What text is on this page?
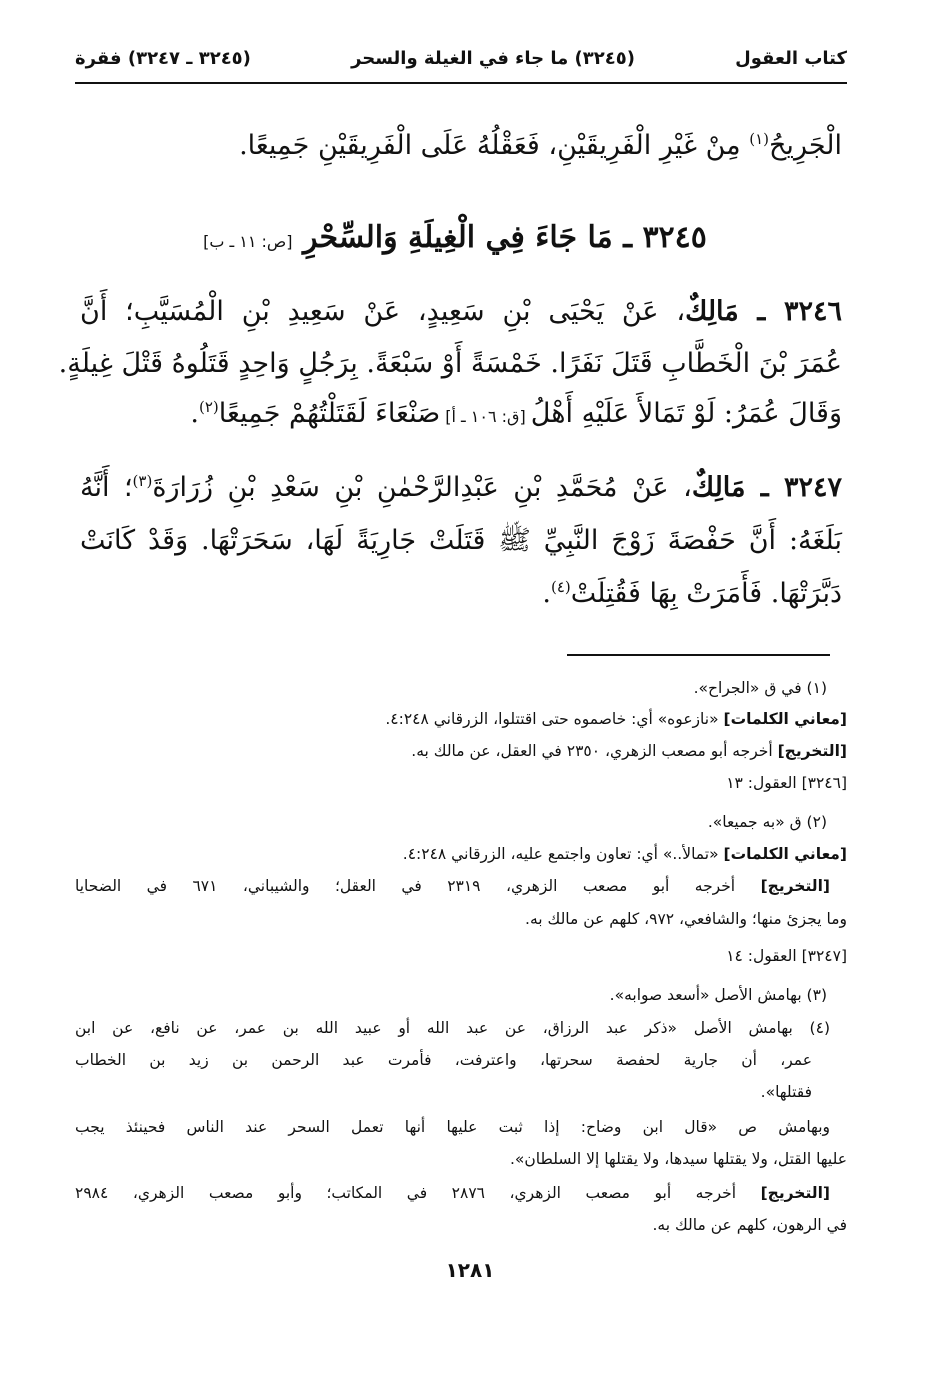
كتاب العقول
(٣٢٤٥) ما جاء في الغيلة والسحر
(٣٢٤٥ ـ ٣٢٤٧) فقرة
الْجَرِيحُ$^{(١)}$ مِنْ غَيْرِ الْفَرِيقَيْنِ، فَعَقْلُهُ عَلَى الْفَرِيقَيْنِ جَمِيعًا.
٣٢٤٥ ـ مَا جَاءَ فِي الْغِيلَةِ وَالسِّحْرِ [ص: ١١ ـ ب]
٣٢٤٦ ـ مَالِكٌ، عَنْ يَحْيَى بْنِ سَعِيدٍ، عَنْ سَعِيدِ بْنِ الْمُسَيَّبِ؛ أَنَّ
عُمَرَ بْنَ الْخَطَّابِ قَتَلَ نَفَرًا. خَمْسَةً أَوْ سَبْعَةً. بِرَجُلٍ وَاحِدٍ قَتَلُوهُ قَتْلَ غِيلَةٍ.
وَقَالَ عُمَرُ: لَوْ تَمَالأَ عَلَيْهِ أَهْلُ [ق: ١٠٦ ـ أ] صَنْعَاءَ لَقَتَلْتُهُمْ جَمِيعًا$^{(٢)}$.
٣٢٤٧ ـ مَالِكٌ، عَنْ مُحَمَّدِ بْنِ عَبْدِالرَّحْمٰنِ بْنِ سَعْدِ بْنِ زُرَارَةَ$^{(٣)}$؛ أَنَّهُ
بَلَغَهُ: أَنَّ حَفْصَةَ زَوْجَ النَّبِيِّ ﷺ قَتَلَتْ جَارِيَةً لَهَا، سَحَرَتْهَا. وَقَدْ كَانَتْ
دَبَّرَتْهَا. فَأَمَرَتْ بِهَا فَقُتِلَتْ$^{(٤)}$.
(١) في ق «الجراح».
[معاني الكلمات] «نازعوه» أي: خاصموه حتى اقتتلوا، الزرقاني ٤:٢٤٨.
[التخريج] أخرجه أبو مصعب الزهري، ٢٣٥٠ في العقل، عن مالك به.
[٣٢٤٦] العقول: ١٣
(٢) ق «به جميعا».
[معاني الكلمات] «تمالأ..» أي: تعاون واجتمع عليه، الزرقاني ٤:٢٤٨.
[التخريج] أخرجه أبو مصعب الزهري، ٢٣١٩ في العقل؛ والشيباني، ٦٧١ في الضحايا
وما يجزئ منها؛ والشافعي، ٩٧٢، كلهم عن مالك به.
[٣٢٤٧] العقول: ١٤
(٣) بهامش الأصل «أسعد صوابه».
(٤) بهامش الأصل «ذكر عبد الرزاق، عن عبد الله أو عبيد الله بن عمر، عن نافع، عن ابن
عمر، أن جارية لحفصة سحرتها، واعترفت، فأمرت عبد الرحمن بن زيد بن الخطاب
فقتلها».
وبهامش ص «قال ابن وضاح: إذا ثبت عليها أنها تعمل السحر عند الناس فحينئذ يجب
عليها القتل، ولا يقتلها سيدها، ولا يقتلها إلا السلطان».
[التخريج] أخرجه أبو مصعب الزهري، ٢٨٧٦ في المكاتب؛ وأبو مصعب الزهري، ٢٩٨٤
في الرهون، كلهم عن مالك به.
١٢٨١
